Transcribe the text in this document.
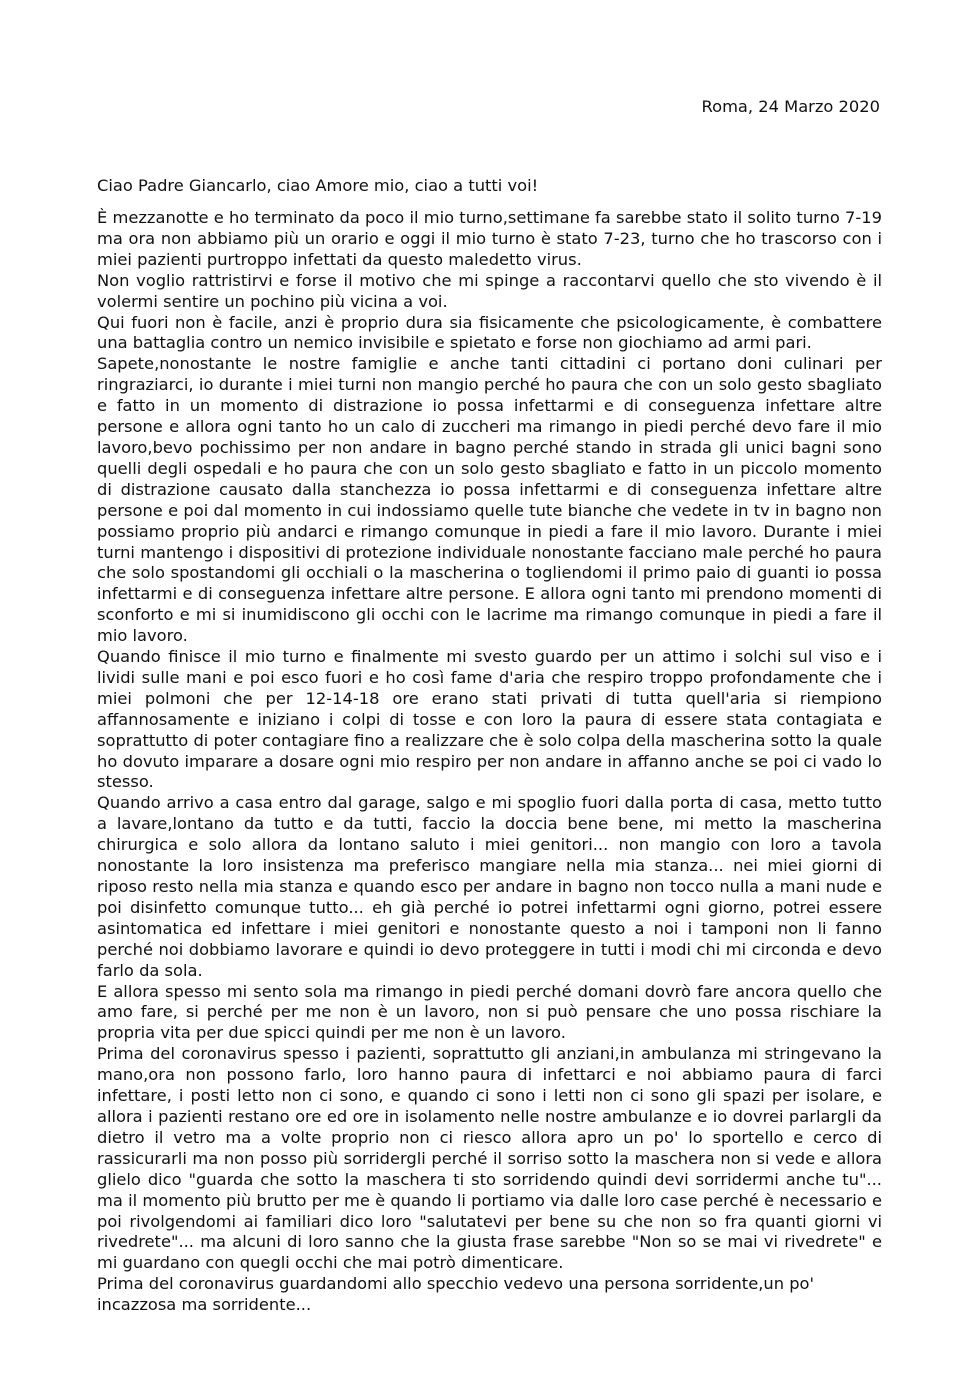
Roma, 24 Marzo 2020
Ciao Padre Giancarlo, ciao Amore mio, ciao a tutti voi!

È mezzanotte e ho terminato da poco il mio turno,settimane fa sarebbe stato il solito turno 7-19 ma ora non abbiamo più un orario e oggi il mio turno è stato 7-23, turno che ho trascorso con i miei pazienti purtroppo infettati da questo maledetto virus.

Non voglio rattristirvi e forse il motivo che mi spinge a raccontarvi quello che sto vivendo è il volermi sentire un pochino più vicina a voi.

Qui fuori non è facile, anzi è proprio dura sia fisicamente che psicologicamente, è combattere una battaglia contro un nemico invisibile e spietato e forse non giochiamo ad armi pari.

Sapete,nonostante le nostre famiglie e anche tanti cittadini ci portano doni culinari per ringraziarci, io durante i miei turni non mangio perché ho paura che con un solo gesto sbagliato e fatto in un momento di distrazione io possa infettarmi e di conseguenza infettare altre persone e allora ogni tanto ho un calo di zuccheri ma rimango in piedi perché devo fare il mio lavoro,bevo pochissimo per non andare in bagno perché stando in strada gli unici bagni sono quelli degli ospedali e ho paura che con un solo gesto sbagliato e fatto in un piccolo momento di distrazione causato dalla stanchezza io possa infettarmi e di conseguenza infettare altre persone e poi dal momento in cui indossiamo quelle tute bianche che vedete in tv in bagno non possiamo proprio più andarci e rimango comunque in piedi a fare il mio lavoro. Durante i miei turni mantengo i dispositivi di protezione individuale nonostante facciano male perché ho paura che solo spostandomi gli occhiali o la mascherina o togliendomi il primo paio di guanti io possa infettarmi e di conseguenza infettare altre persone. E allora ogni tanto mi prendono momenti di sconforto e mi si inumidiscono gli occhi con le lacrime ma rimango comunque in piedi a fare il mio lavoro.

Quando finisce il mio turno e finalmente mi svesto guardo per un attimo i solchi sul viso e i lividi sulle mani e poi esco fuori e ho così fame d'aria che respiro troppo profondamente che i miei polmoni che per 12-14-18 ore erano stati privati di tutta quell'aria si riempiono affannosamente e iniziano i colpi di tosse e con loro la paura di essere stata contagiata e soprattutto di poter contagiare fino a realizzare che è solo colpa della mascherina sotto la quale ho dovuto imparare a dosare ogni mio respiro per non andare in affanno anche se poi ci vado lo stesso.

Quando arrivo a casa entro dal garage, salgo e mi spoglio fuori dalla porta di casa, metto tutto a lavare,lontano da tutto e da tutti, faccio la doccia bene bene, mi metto la mascherina chirurgica e solo allora da lontano saluto i miei genitori... non mangio con loro a tavola nonostante la loro insistenza ma preferisco mangiare nella mia stanza... nei miei giorni di riposo resto nella mia stanza e quando esco per andare in bagno non tocco nulla a mani nude e poi disinfetto comunque tutto... eh già perché io potrei infettarmi ogni giorno, potrei essere asintomatica ed infettare i miei genitori e nonostante questo a noi i tamponi non li fanno perché noi dobbiamo lavorare e quindi io devo proteggere in tutti i modi chi mi circonda e devo farlo da sola.

E allora spesso mi sento sola ma rimango in piedi perché domani dovrò fare ancora quello che amo fare, si perché per me non è un lavoro, non si può pensare che uno possa rischiare la propria vita per due spicci quindi per me non è un lavoro.

Prima del coronavirus spesso i pazienti, soprattutto gli anziani,in ambulanza mi stringevano la mano,ora non possono farlo, loro hanno paura di infettarci e noi abbiamo paura di farci infettare, i posti letto non ci sono, e quando ci sono i letti non ci sono gli spazi per isolare, e allora i pazienti restano ore ed ore in isolamento nelle nostre ambulanze e io dovrei parlargli da dietro il vetro ma a volte proprio non ci riesco allora apro un po' lo sportello e cerco di rassicurarli ma non posso più sorridergli perché il sorriso sotto la maschera non si vede e allora glielo dico "guarda che sotto la maschera ti sto sorridendo quindi devi sorridermi anche tu"... ma il momento più brutto per me è quando li portiamo via dalle loro case perché è necessario e poi rivolgendomi ai familiari dico loro "salutatevi per bene su che non so fra quanti giorni vi rivedrete"... ma alcuni di loro sanno che la giusta frase sarebbe "Non so se mai vi rivedrete" e mi guardano con quegli occhi che mai potrò dimenticare.

Prima del coronavirus guardandomi allo specchio vedevo una persona sorridente,un po' incazzosa ma sorridente...
